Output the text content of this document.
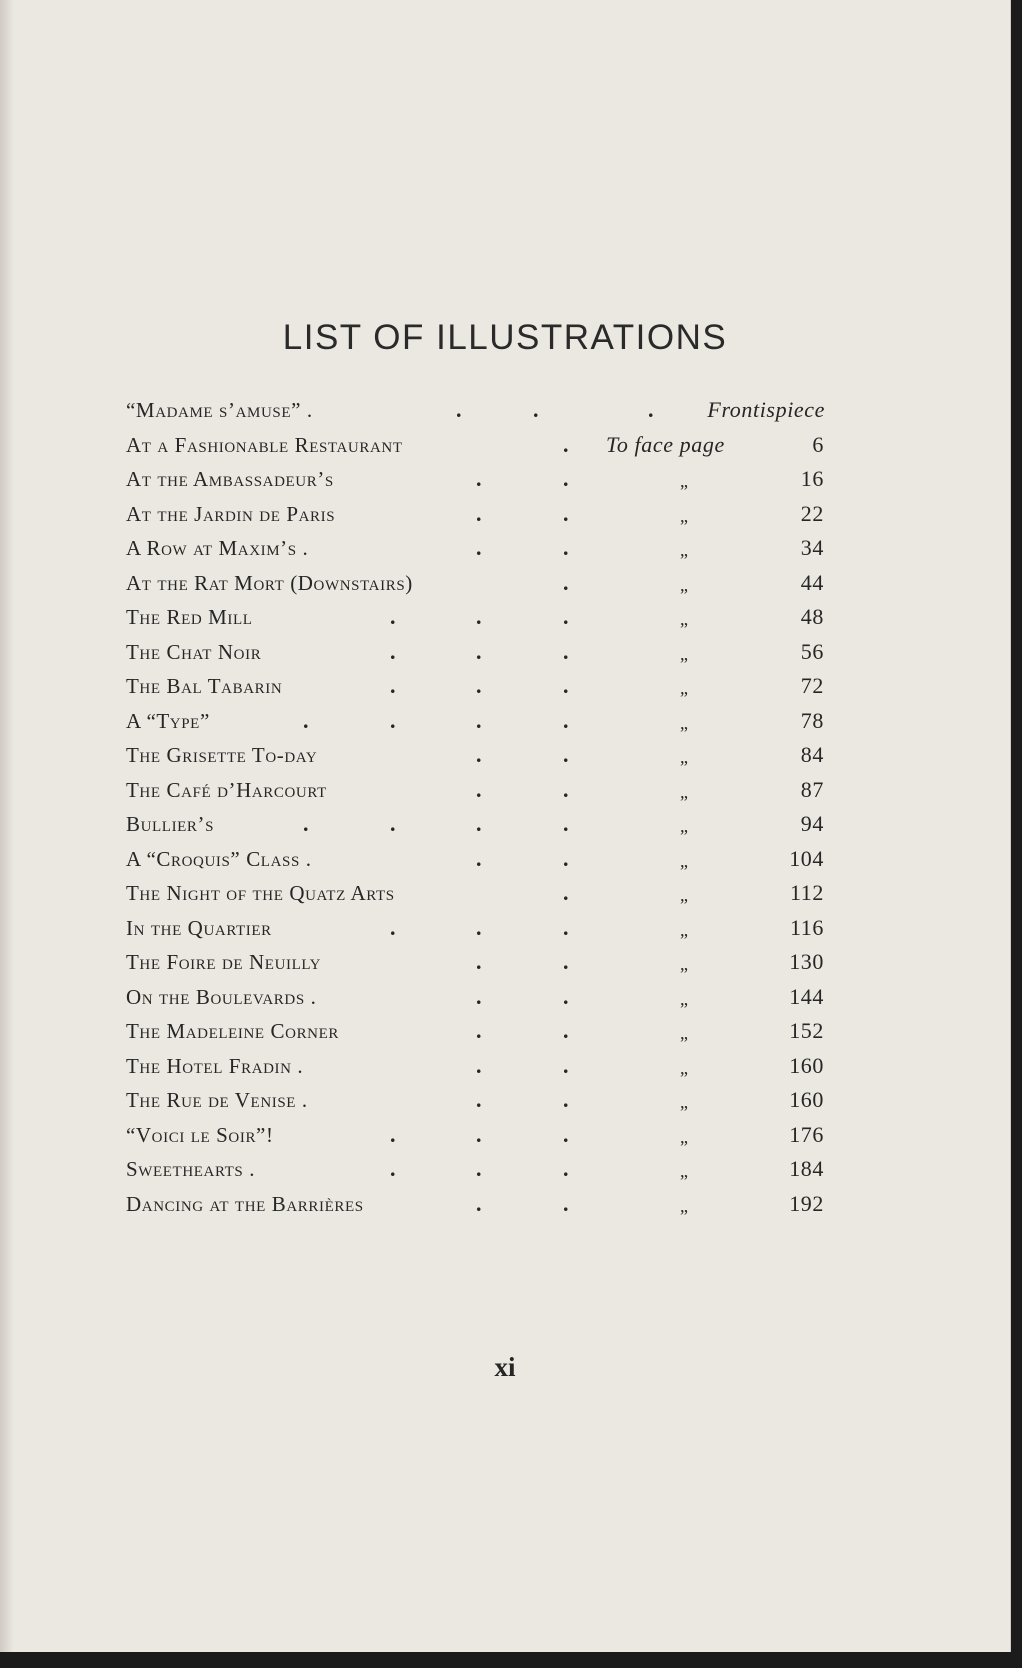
LIST OF ILLUSTRATIONS
“Madame s’amuse” .	.	.	. Frontispiece
At a Fashionable Restaurant	. To face page	6
At the Ambassadeur’s	.	.	„	16
At the Jardin de Paris	.	.	„	22
A Row at Maxim’s .	.	.	„	34
At the Rat Mort (Downstairs)	.	„	44
The Red Mill	.	.	.	„	48
The Chat Noir	.	.	.	„	56
The Bal Tabarin	.	.	.	„	72
A “Type”	.	.	.	.	„	78
The Grisette To-day	.	.	„	84
The Café d’Harcourt	.	.	„	87
Bullier’s	.	.	.	.	„	94
A “Croquis” Class .	.	.	„	104
The Night of the Quatz Arts	.	„	112
In the Quartier	.	.	.	„	116
The Foire de Neuilly	.	.	„	130
On the Boulevards .	.	.	„	144
The Madeleine Corner	.	.	„	152
The Hotel Fradin .	.	.	„	160
The Rue de Venise .	.	.	„	160
“Voici le Soir”!	.	.	.	„	176
Sweethearts .	.	.	.	„	184
Dancing at the Barrières	.	.	„	192
xi
